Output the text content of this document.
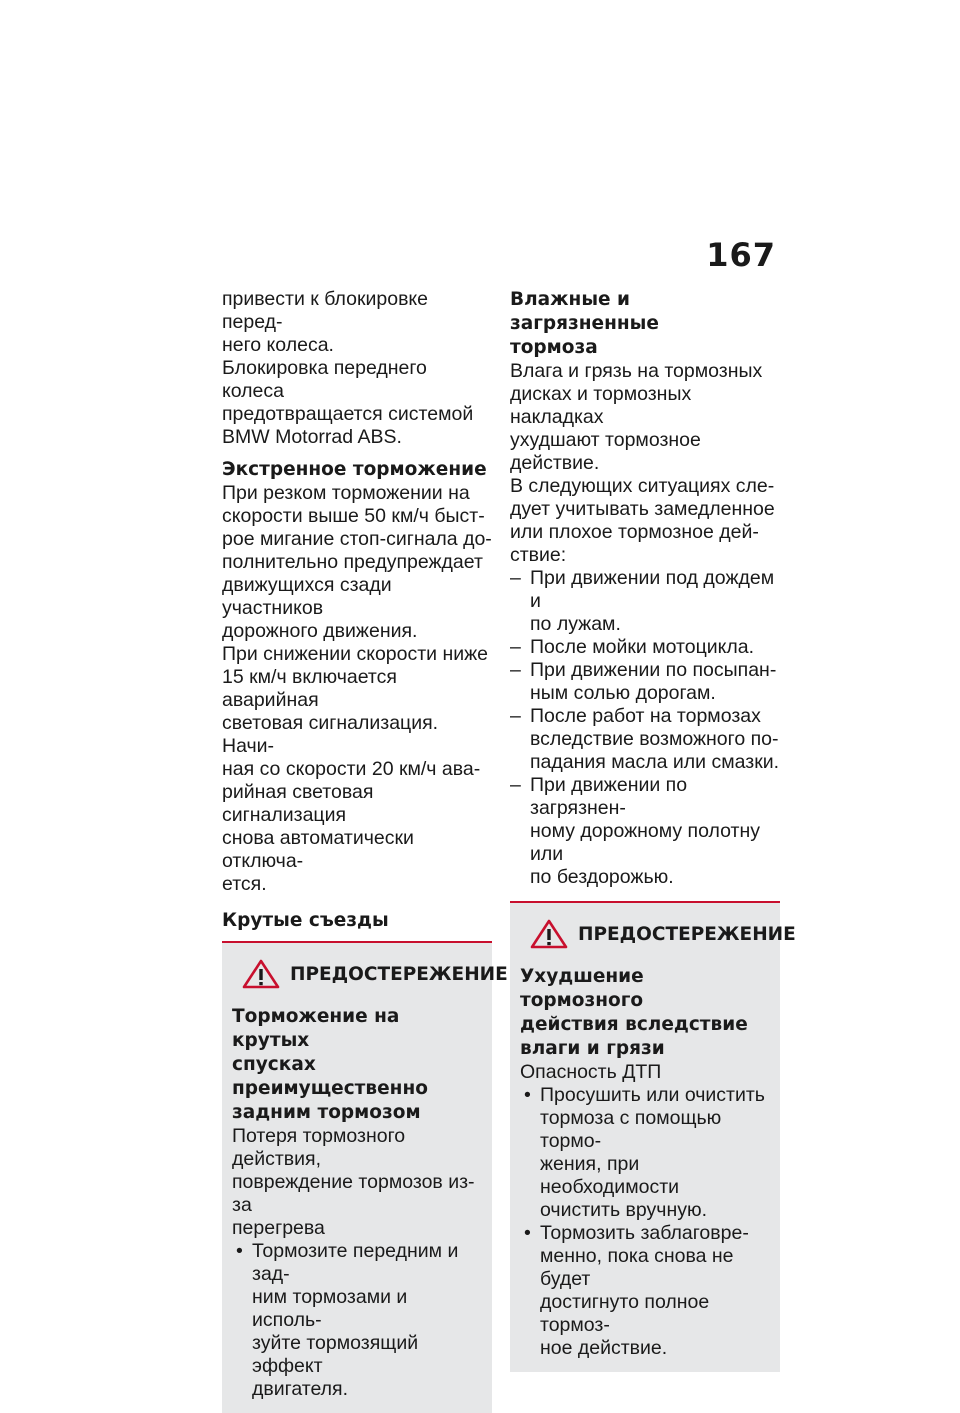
167
привести к блокировке перед-
него колеса.
Блокировка переднего колеса
предотвращается системой
BMW Motorrad ABS.
Экстренное торможение
При резком торможении на
скорости выше 50 км/ч быст-
рое мигание стоп-сигнала до-
полнительно предупреждает
движущихся сзади участников
дорожного движения.
При снижении скорости ниже
15 км/ч включается аварийная
световая сигнализация. Начи-
ная со скорости 20 км/ч ава-
рийная световая сигнализация
снова автоматически отключа-
ется.
Крутые съезды
ПРЕДОСТЕРЕЖЕНИЕ
Торможение на крутых
спусках преимущественно
задним тормозом
Потеря тормозного действия,
повреждение тормозов из-за
перегрева
• Тормозите передним и зад-
ним тормозами и исполь-
зуйте тормозящий эффект
двигателя.
Влажные и загрязненные
тормоза
Влага и грязь на тормозных
дисках и тормозных накладках
ухудшают тормозное действие.
В следующих ситуациях сле-
дует учитывать замедленное
или плохое тормозное дей-
ствие:
– При движении под дождем и
по лужам.
– После мойки мотоцикла.
– При движении по посыпан-
ным солью дорогам.
– После работ на тормозах
вследствие возможного по-
падания масла или смазки.
– При движении по загрязнен-
ному дорожному полотну или
по бездорожью.
ПРЕДОСТЕРЕЖЕНИЕ
Ухудшение тормозного
действия вследствие
влаги и грязи
Опасность ДТП
• Просушить или очистить
тормоза с помощью тормо-
жения, при необходимости
очистить вручную.
• Тормозить заблаговре-
менно, пока снова не будет
достигнуто полное тормоз-
ное действие.
